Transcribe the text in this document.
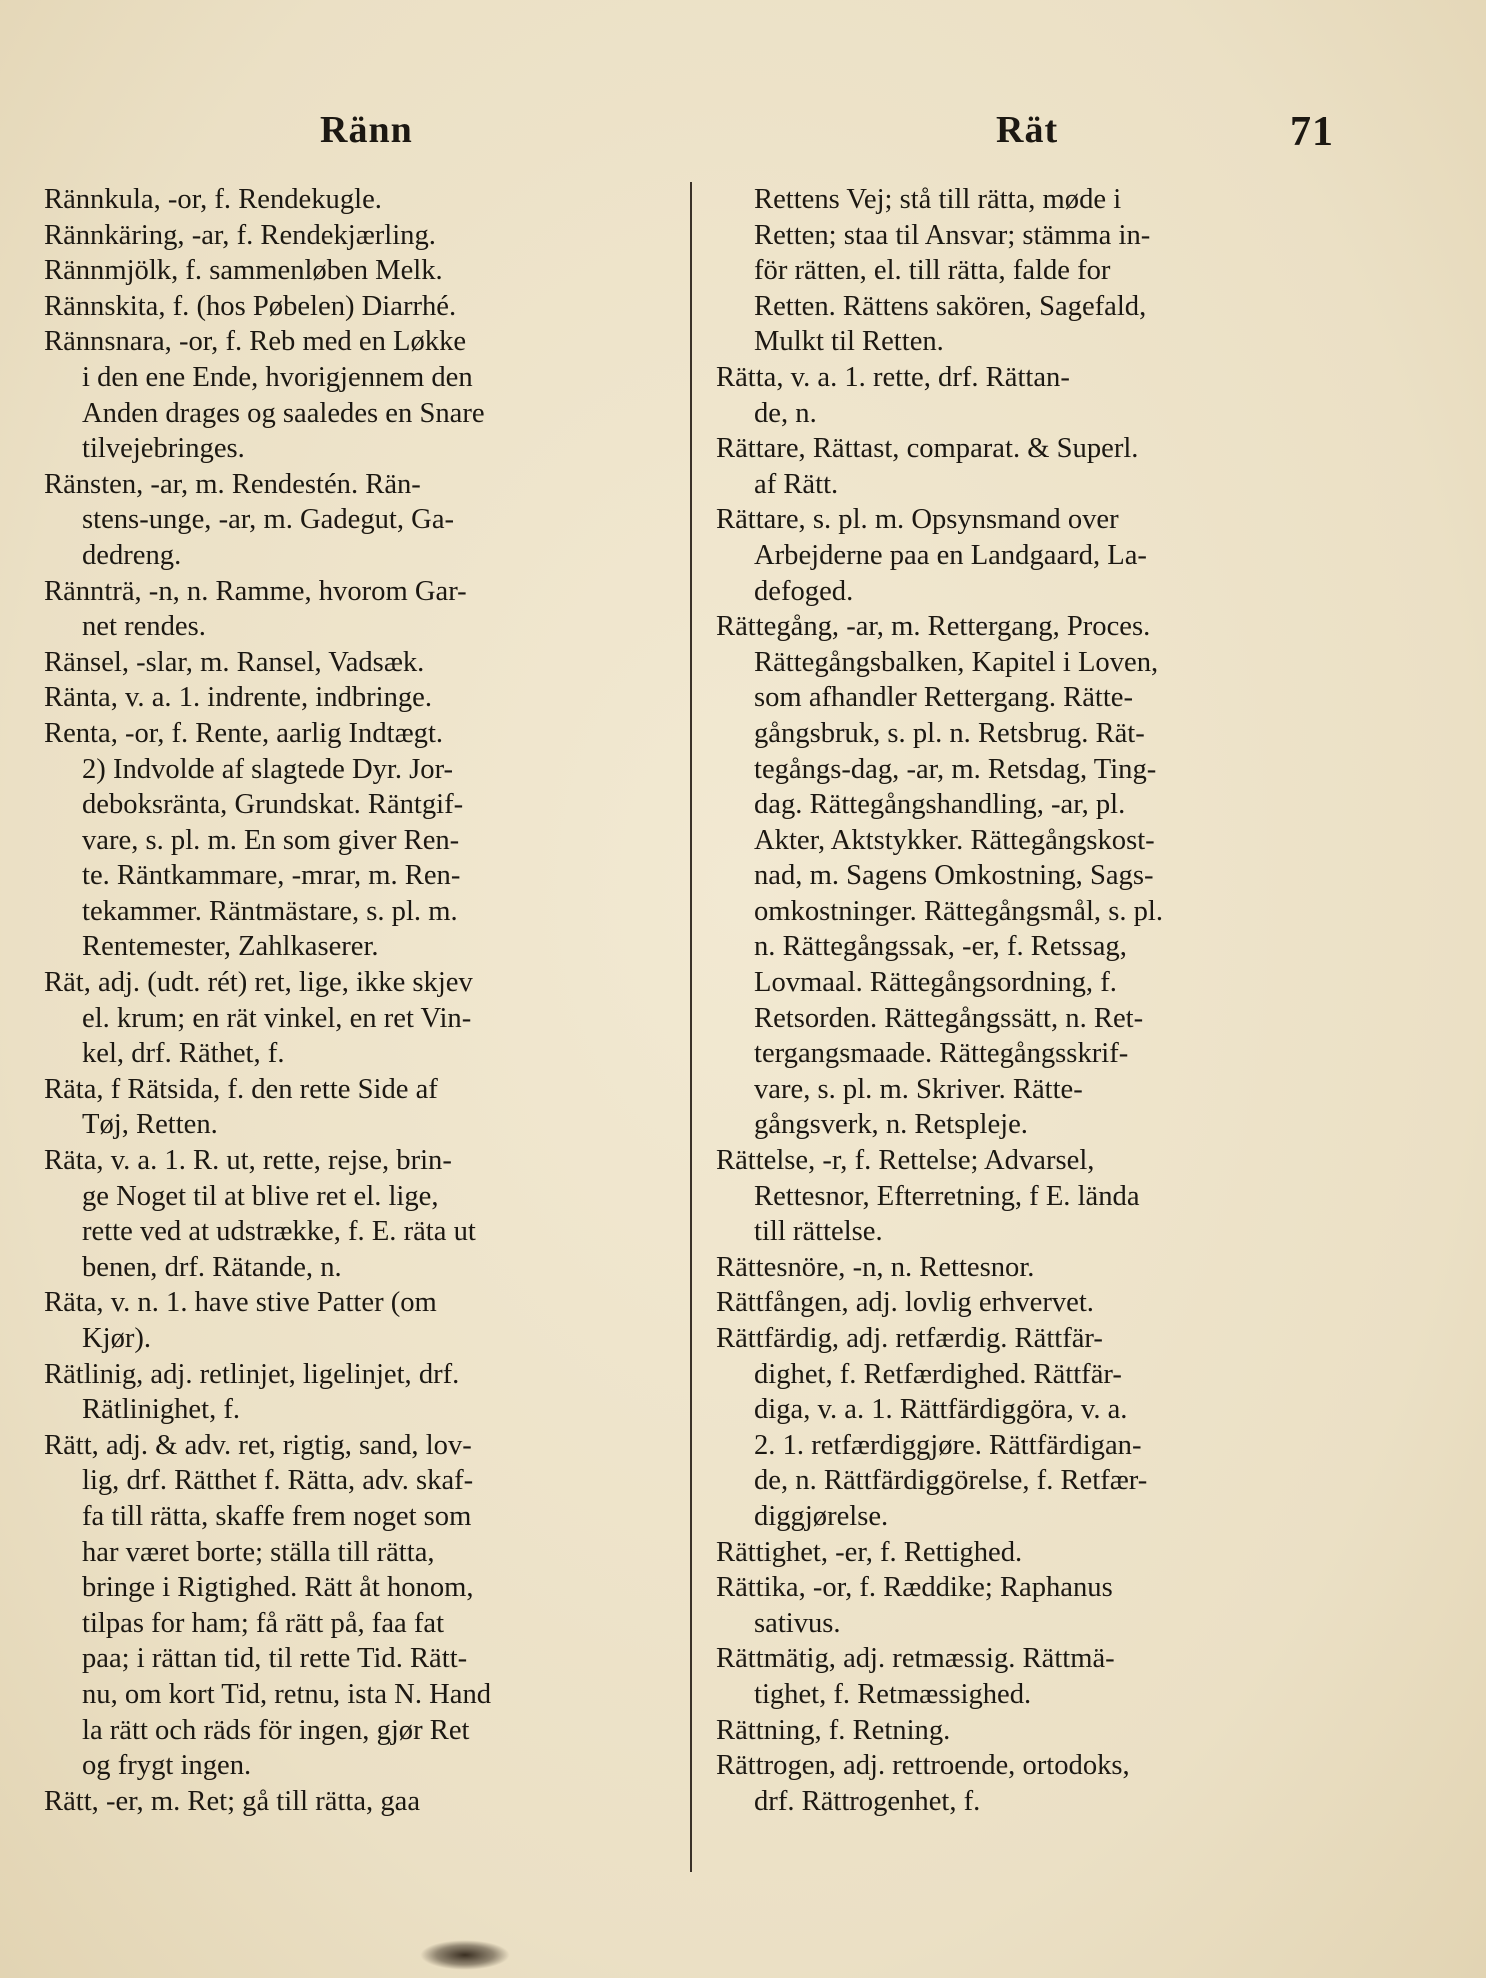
Ränn	Rät	71
Rännkula, -or, f. Rendekugle.
Rännkäring, -ar, f. Rendekjærling.
Rännmjölk, f. sammenløben Melk.
Rännskita, f. (hos Pøbelen) Diarrhé.
Rännsnara, -or, f. Reb med en Løkke
i den ene Ende, hvorigjennem den
Anden drages og saaledes en Snare
tilvejebringes.
Ränsten, -ar, m. Rendestén. Rän-
stens-unge, -ar, m. Gadegut, Ga-
dedreng.
Rännträ, -n, n. Ramme, hvorom Gar-
net rendes.
Ränsel, -slar, m. Ransel, Vadsæk.
Ränta, v. a. 1. indrente, indbringe.
Renta, -or, f. Rente, aarlig Indtægt.
2) Indvolde af slagtede Dyr. Jor-
deboksränta, Grundskat. Räntgif-
vare, s. pl. m. En som giver Ren-
te. Räntkammare, -mrar, m. Ren-
tekammer. Räntmästare, s. pl. m.
Rentemester, Zahlkaserer.
Rät, adj. (udt. rét) ret, lige, ikke skjev
el. krum; en rät vinkel, en ret Vin-
kel, drf. Räthet, f.
Räta, f Rätsida, f. den rette Side af
Tøj, Retten.
Räta, v. a. 1. R. ut, rette, rejse, brin-
ge Noget til at blive ret el. lige,
rette ved at udstrække, f. E. räta ut
benen, drf. Rätande, n.
Räta, v. n. 1. have stive Patter (om
Kjør).
Rätlinig, adj. retlinjet, ligelinjet, drf.
Rätlinighet, f.
Rätt, adj. & adv. ret, rigtig, sand, lov-
lig, drf. Rätthet f. Rätta, adv. skaf-
fa till rätta, skaffe frem noget som
har været borte; ställa till rätta,
bringe i Rigtighed. Rätt åt honom,
tilpas for ham; få rätt på, faa fat
paa; i rättan tid, til rette Tid. Rätt-
nu, om kort Tid, retnu, ista N. Hand
la rätt och räds för ingen, gjør Ret
og frygt ingen.
Rätt, -er, m. Ret; gå till rätta, gaa
Rettens Vej; stå till rätta, møde i
Retten; staa til Ansvar; stämma in-
för rätten, el. till rätta, falde for
Retten. Rättens sakören, Sagefald,
Mulkt til Retten.
Rätta, v. a. 1. rette, drf. Rättan-
de, n.
Rättare, Rättast, comparat. & Superl.
af Rätt.
Rättare, s. pl. m. Opsynsmand over
Arbejderne paa en Landgaard, La-
defoged.
Rättegång, -ar, m. Rettergang, Proces.
Rättegångsbalken, Kapitel i Loven,
som afhandler Rettergang. Rätte-
gångsbruk, s. pl. n. Retsbrug. Rät-
tegångs-dag, -ar, m. Retsdag, Ting-
dag. Rättegångshandling, -ar, pl.
Akter, Aktstykker. Rättegångskost-
nad, m. Sagens Omkostning, Sags-
omkostninger. Rättegångsmål, s. pl.
n. Rättegångssak, -er, f. Retssag,
Lovmaal. Rättegångsordning, f.
Retsorden. Rättegångssätt, n. Ret-
tergangsmaade. Rättegångsskrif-
vare, s. pl. m. Skriver. Rätte-
gångsverk, n. Retspleje.
Rättelse, -r, f. Rettelse; Advarsel,
Rettesnor, Efterretning, f E. lända
till rättelse.
Rättesnöre, -n, n. Rettesnor.
Rättfången, adj. lovlig erhvervet.
Rättfärdig, adj. retfærdig. Rättfär-
dighet, f. Retfærdighed. Rättfär-
diga, v. a. 1. Rättfärdiggöra, v. a.
2. 1. retfærdiggjøre. Rättfärdigan-
de, n. Rättfärdiggörelse, f. Retfær-
diggjørelse.
Rättighet, -er, f. Rettighed.
Rättika, -or, f. Ræddike; Raphanus
sativus.
Rättmätig, adj. retmæssig. Rättmä-
tighet, f. Retmæssighed.
Rättning, f. Retning.
Rättrogen, adj. rettroende, ortodoks,
drf. Rättrogenhet, f.
